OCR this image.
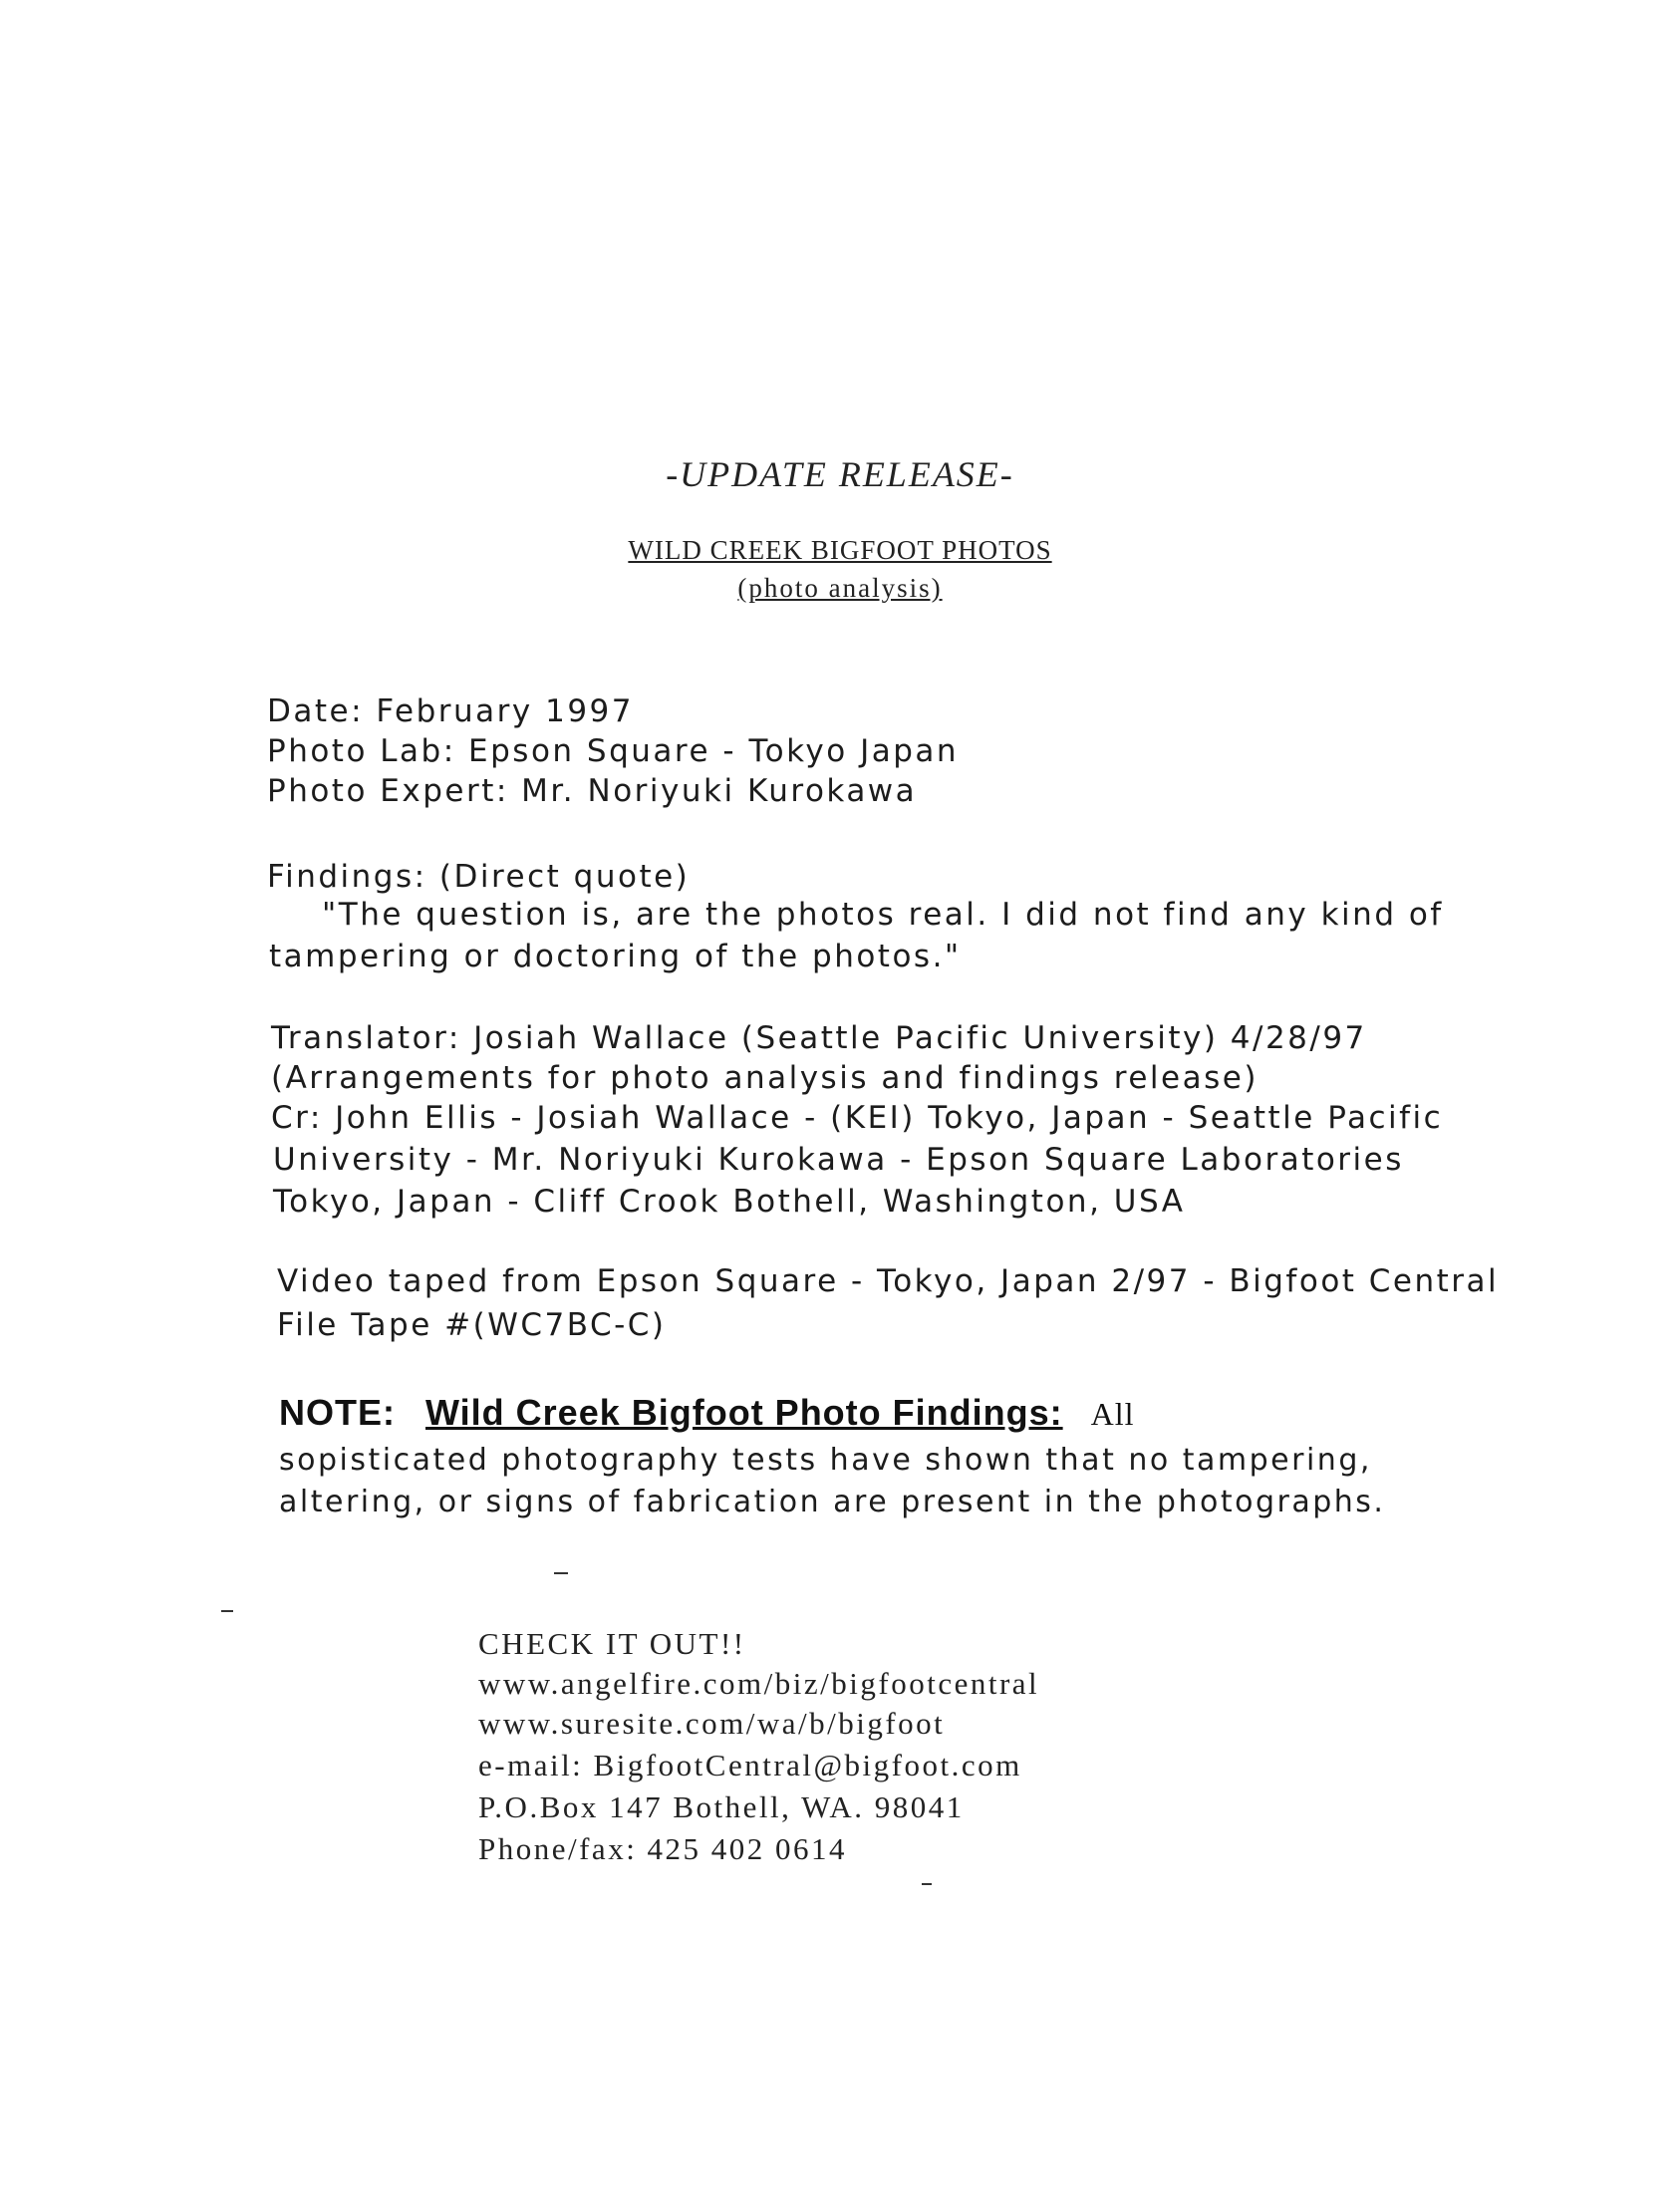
-UPDATE RELEASE-
WILD CREEK BIGFOOT PHOTOS
(photo analysis)
Date: February 1997
Photo Lab: Epson Square - Tokyo Japan
Photo Expert: Mr. Noriyuki Kurokawa
Findings: (Direct quote)
"The question is, are the photos real. I did not find any kind of
tampering or doctoring of the photos."
Translator: Josiah Wallace (Seattle Pacific University) 4/28/97
(Arrangements for photo analysis and findings release)
Cr: John Ellis - Josiah Wallace - (KEI) Tokyo, Japan - Seattle Pacific
University - Mr. Noriyuki Kurokawa - Epson Square Laboratories
Tokyo, Japan - Cliff Crook Bothell, Washington, USA
Video taped from Epson Square - Tokyo, Japan 2/97 - Bigfoot Central
File Tape #(WC7BC-C)
NOTE: Wild Creek Bigfoot Photo Findings: All
sopisticated photography tests have shown that no tampering,
altering, or signs of fabrication are present in the photographs.
CHECK IT OUT!!
www.angelfire.com/biz/bigfootcentral
www.suresite.com/wa/b/bigfoot
e-mail: BigfootCentral@bigfoot.com
P.O.Box 147 Bothell, WA. 98041
Phone/fax: 425 402 0614
